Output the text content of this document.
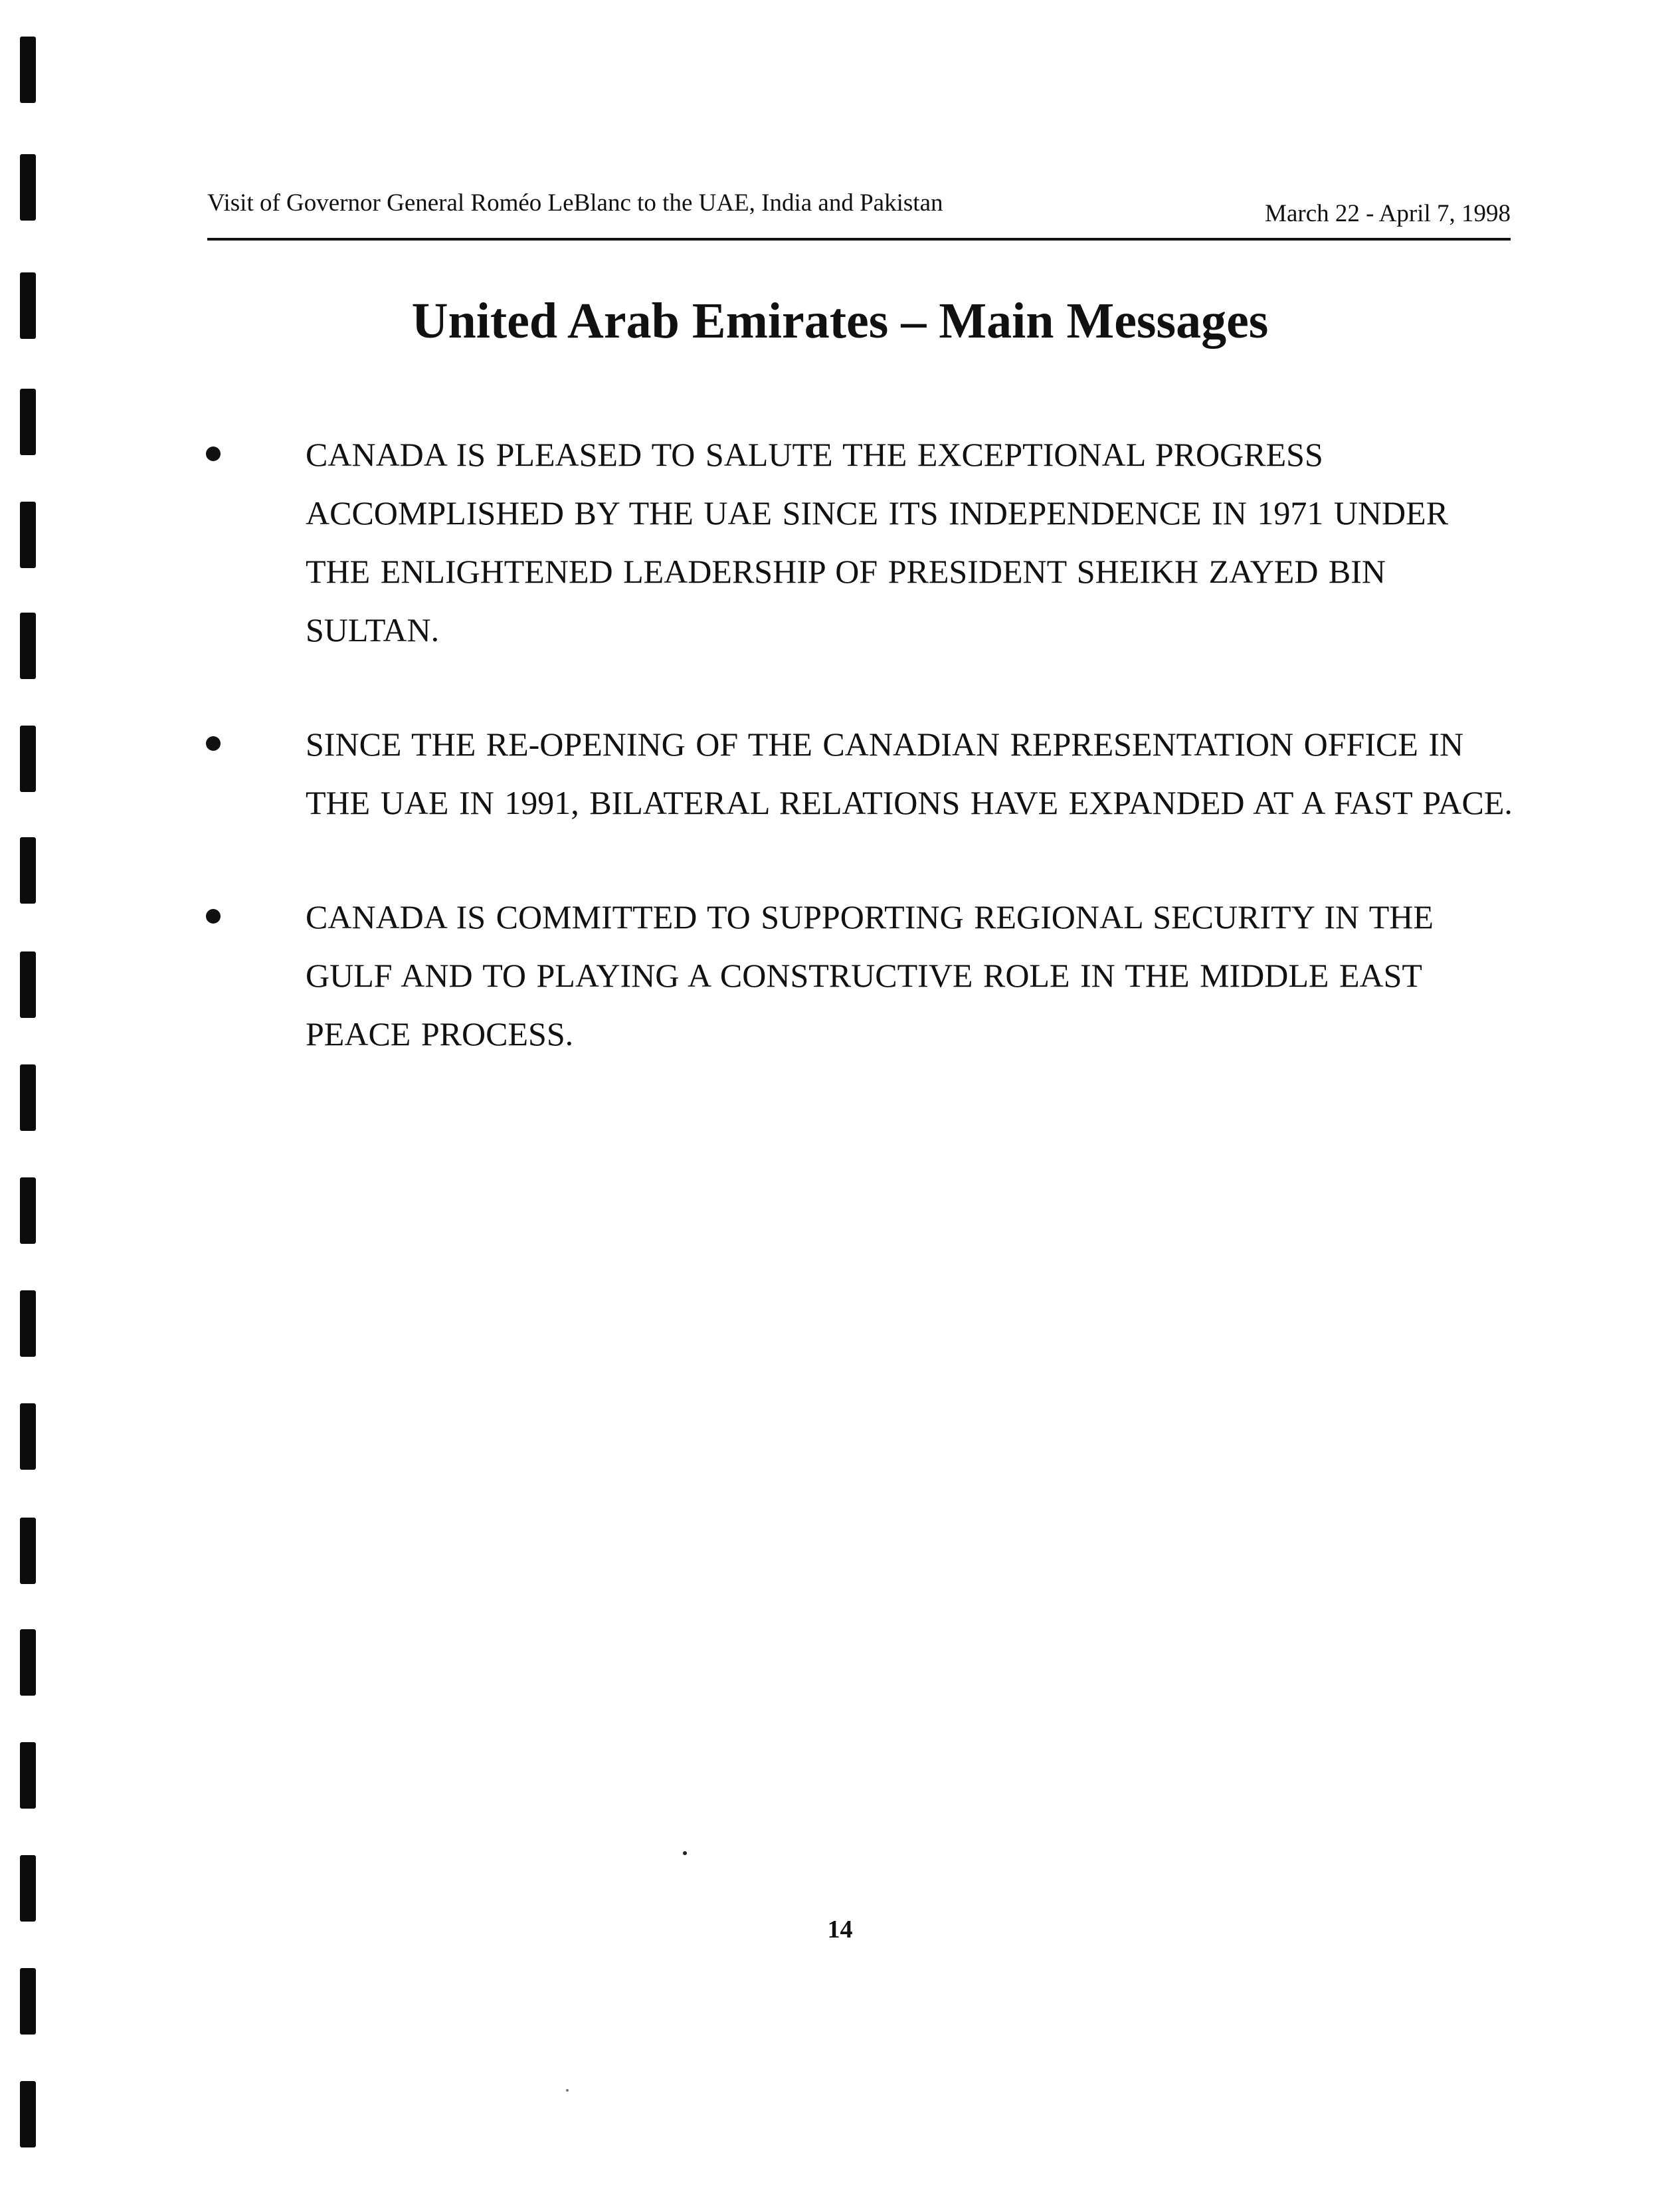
Visit of Governor General Roméo LeBlanc to the UAE, India and Pakistan	March 22 - April 7, 1998
United Arab Emirates – Main Messages
CANADA IS PLEASED TO SALUTE THE EXCEPTIONAL PROGRESS ACCOMPLISHED BY THE UAE SINCE ITS INDEPENDENCE IN 1971 UNDER THE ENLIGHTENED LEADERSHIP OF PRESIDENT SHEIKH ZAYED BIN SULTAN.
SINCE THE RE-OPENING OF THE CANADIAN REPRESENTATION OFFICE IN THE UAE IN 1991, BILATERAL RELATIONS HAVE EXPANDED AT A FAST PACE.
CANADA IS COMMITTED TO SUPPORTING REGIONAL SECURITY IN THE GULF AND TO PLAYING A CONSTRUCTIVE ROLE IN THE MIDDLE EAST PEACE PROCESS.
14
